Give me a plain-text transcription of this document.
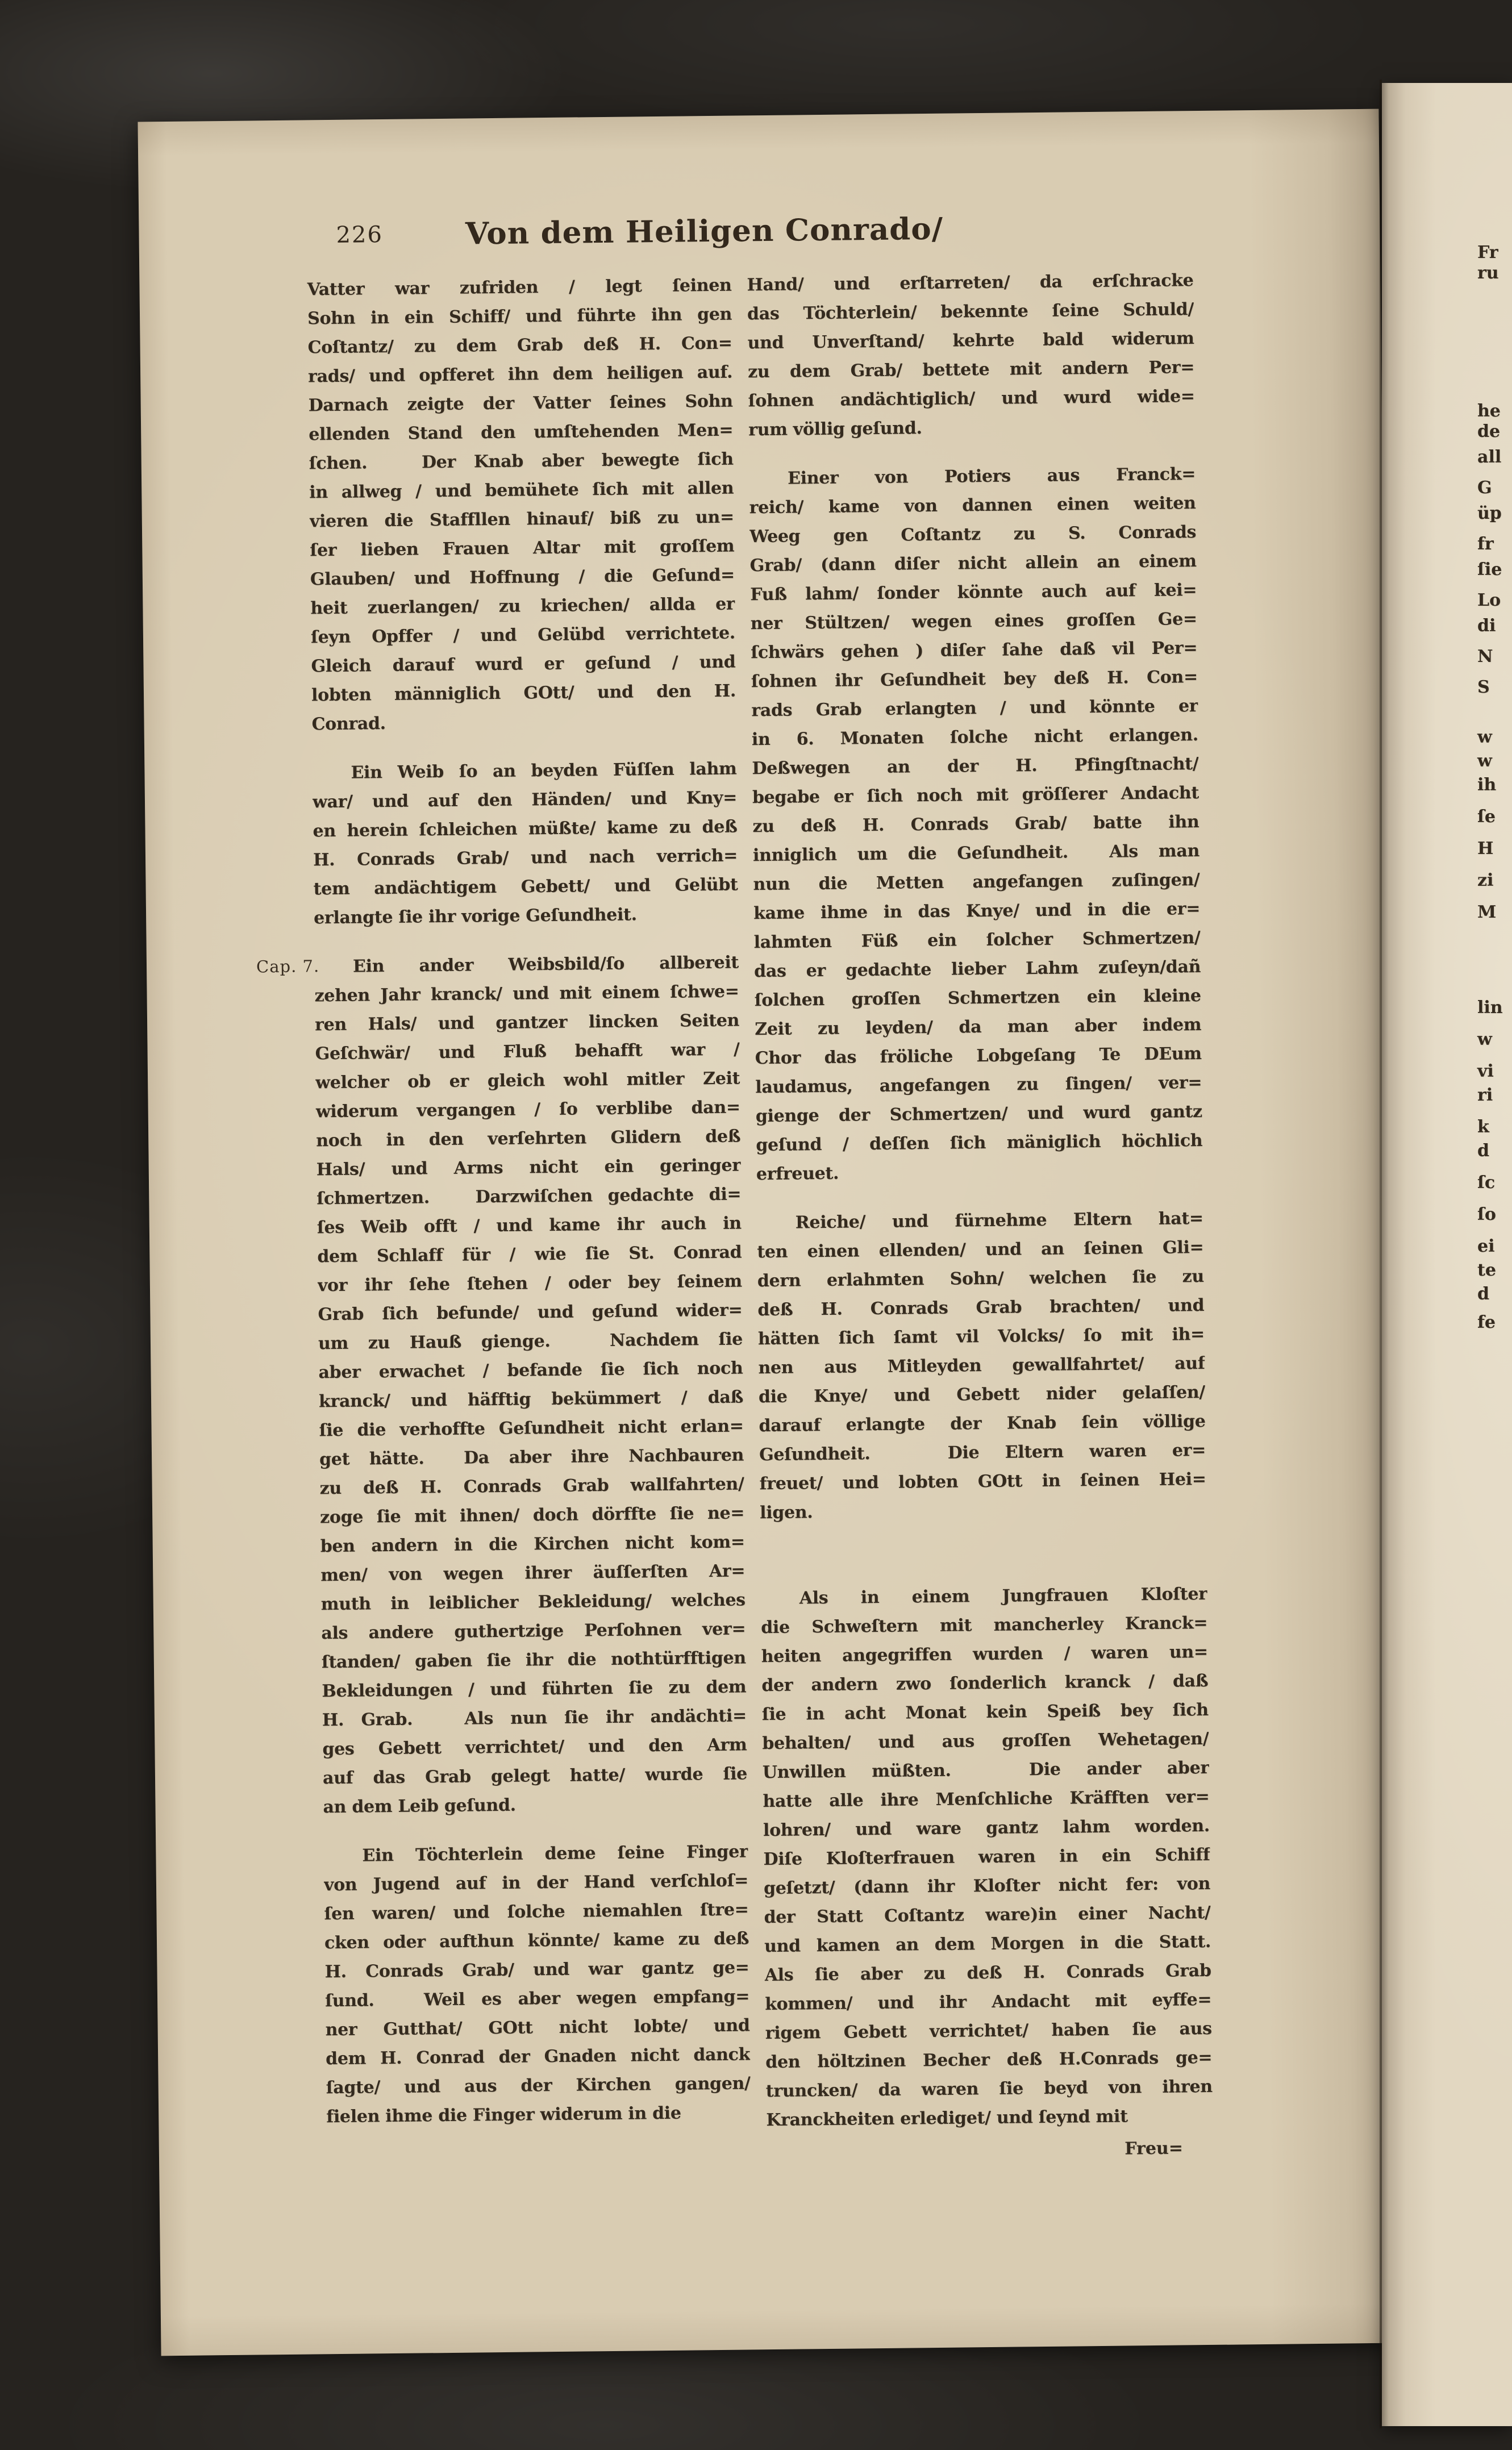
226	Von dem Heiligen Conrado/
Cap. 7.
Vatter war zufriden / legt ſeinen
Sohn in ein Schiff/ und führte ihn gen
Coſtantz/ zu dem Grab deß H. Con=
rads/ und opfferet ihn dem heiligen auf.
Darnach zeigte der Vatter ſeines Sohn
ellenden Stand den umſtehenden Men=
ſchen.   Der Knab aber bewegte ſich
in allweg / und bemühete ſich mit allen
vieren die Staffllen hinauf/ biß zu un=
ſer lieben Frauen Altar mit groſſem
Glauben/ und Hoffnung / die Geſund=
heit zuerlangen/ zu kriechen/ allda er
ſeyn Opffer / und Gelübd verrichtete.
Gleich darauf wurd er geſund / und
lobten männiglich GOtt/ und den H.
Conrad.
Ein Weib ſo an beyden Füſſen lahm
war/ und auf den Händen/ und Kny=
en herein ſchleichen müßte/ kame zu deß
H. Conrads Grab/ und nach verrich=
tem andächtigem Gebett/ und Gelübt
erlangte ſie ihr vorige Geſundheit.
Ein ander Weibsbild/ſo allbereit
zehen Jahr kranck/ und mit einem ſchwe=
ren Hals/ und gantzer lincken Seiten
Geſchwär/ und Fluß behafft war /
welcher ob er gleich wohl mitler Zeit
widerum vergangen / ſo verblibe dan=
noch in den verſehrten Glidern deß
Hals/ und Arms nicht ein geringer
ſchmertzen.   Darzwiſchen gedachte di=
ſes Weib offt / und kame ihr auch in
dem Schlaff für / wie ſie St. Conrad
vor ihr ſehe ſtehen / oder bey ſeinem
Grab ſich befunde/ und geſund wider=
um zu Hauß gienge.   Nachdem ſie
aber erwachet / befande ſie ſich noch
kranck/ und häfftig bekümmert / daß
ſie die verhoffte Geſundheit nicht erlan=
get hätte.  Da aber ihre Nachbauren
zu deß H. Conrads Grab wallfahrten/
zoge ſie mit ihnen/ doch dörffte ſie ne=
ben andern in die Kirchen nicht kom=
men/ von wegen ihrer äuſſerſten Ar=
muth in leiblicher Bekleidung/ welches
als andere guthertzige Perſohnen ver=
ſtanden/ gaben ſie ihr die nothtürfftigen
Bekleidungen / und führten ſie zu dem
H. Grab.   Als nun ſie ihr andächti=
ges Gebett verrichtet/ und den Arm
auf das Grab gelegt hatte/ wurde ſie
an dem Leib geſund.
Ein Töchterlein deme ſeine Finger
von Jugend auf in der Hand verſchloſ=
ſen waren/ und ſolche niemahlen ſtre=
cken oder aufthun könnte/ kame zu deß
H. Conrads Grab/ und war gantz ge=
ſund.   Weil es aber wegen empfang=
ner Gutthat/ GOtt nicht lobte/ und
dem H. Conrad der Gnaden nicht danck
ſagte/ und aus der Kirchen gangen/
fielen ihme die Finger widerum in die
Hand/ und erſtarreten/ da erſchracke
das Töchterlein/ bekennte ſeine Schuld/
und Unverſtand/ kehrte bald widerum
zu dem Grab/ bettete mit andern Per=
ſohnen andächtiglich/ und wurd wide=
rum völlig geſund.
Einer von Potiers aus Franck=
reich/ kame von dannen einen weiten
Weeg gen Coſtantz zu S. Conrads
Grab/ (dann diſer nicht allein an einem
Fuß lahm/ ſonder könnte auch auf kei=
ner Stültzen/ wegen eines groſſen Ge=
ſchwärs gehen ) diſer ſahe daß vil Per=
ſohnen ihr Geſundheit bey deß H. Con=
rads Grab erlangten / und könnte er
in 6. Monaten ſolche nicht erlangen.
Deßwegen an der H. Pfingſtnacht/
begabe er ſich noch mit gröſſerer Andacht
zu deß H. Conrads Grab/ batte ihn
inniglich um die Geſundheit.  Als man
nun die Metten angefangen zuſingen/
kame ihme in das Knye/ und in die er=
lahmten Füß ein ſolcher Schmertzen/
das er gedachte lieber Lahm zuſeyn/dañ
ſolchen groſſen Schmertzen ein kleine
Zeit zu leyden/ da man aber indem
Chor das fröliche Lobgeſang Te DEum
laudamus, angefangen zu ſingen/ ver=
gienge der Schmertzen/ und wurd gantz
geſund / deſſen ſich mäniglich höchlich
erfreuet.
Reiche/ und fürnehme Eltern hat=
ten einen ellenden/ und an ſeinen Gli=
dern erlahmten Sohn/ welchen ſie zu
deß H. Conrads Grab brachten/ und
hätten ſich ſamt vil Volcks/ ſo mit ih=
nen aus Mitleyden gewallfahrtet/ auf
die Knye/ und Gebett nider gelaſſen/
darauf erlangte der Knab ſein völlige
Geſundheit.   Die Eltern waren er=
freuet/ und lobten GOtt in ſeinen Hei=
ligen.
Als in einem Jungfrauen Kloſter
die Schweſtern mit mancherley Kranck=
heiten angegriffen wurden / waren un=
der andern zwo ſonderlich kranck / daß
ſie in acht Monat kein Speiß bey ſich
behalten/ und aus groſſen Wehetagen/
Unwillen müßten.   Die ander aber
hatte alle ihre Menſchliche Kräfften ver=
lohren/ und ware gantz lahm worden.
Diſe Kloſterfrauen waren in ein Schiff
geſetzt/ (dann ihr Kloſter nicht fer: von
der Statt Coſtantz ware)in einer Nacht/
und kamen an dem Morgen in die Statt.
Als ſie aber zu deß H. Conrads Grab
kommen/ und ihr Andacht mit eyffe=
rigem Gebett verrichtet/ haben ſie aus
den höltzinen Becher deß H.Conrads ge=
truncken/ da waren ſie beyd von ihren
Kranckheiten erlediget/ und ſeynd mit
Freu=
Fr
ru
he
de
all
G
üp
fr
ſie
Lo
di
N
S
w
w
ih
ſe
H
zi
M
lin
w
vi
ri
k
d
ſc
ſo
ei
te
d
fe
